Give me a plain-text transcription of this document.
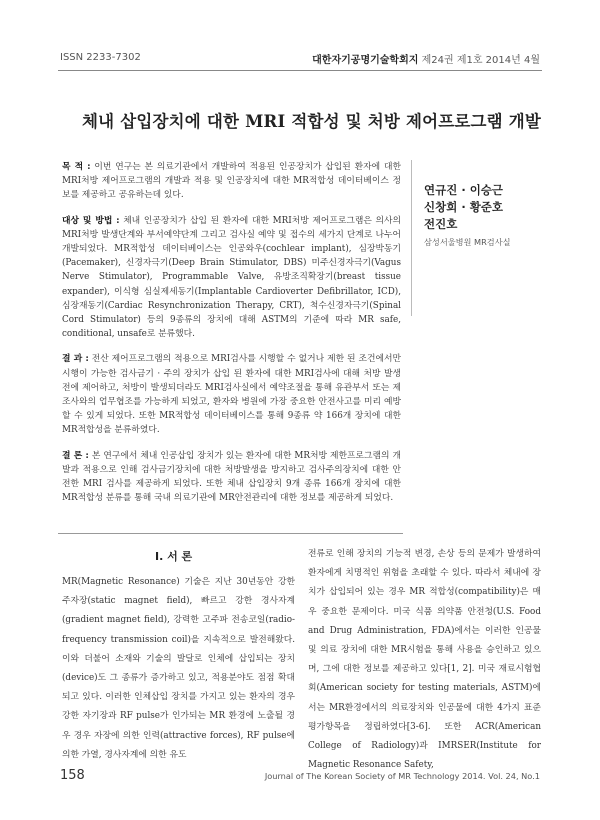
ISSN 2233-7302	대한자기공명기술학회지 제24권 제1호 2014년 4월
체내 삽입장치에 대한 MRI 적합성 및 처방 제어프로그램 개발

목 적 : 이번 연구는 본 의료기관에서 개발하여 적용된 인공장치가 삽입된 환자에 대한 MRI처방 제어프로그램의 개발과 적용 및 인공장치에 대한 MR적합성 데이터베이스 정보를 제공하고 공유하는데 있다.

대상 및 방법 : 체내 인공장치가 삽입 된 환자에 대한 MRI처방 제어프로그램은 의사의 MRI처방 발생단계와 부서예약단계 그리고 검사실 예약 및 접수의 세가지 단계로 나누어 개발되었다. MR적합성 데이터베이스는 인공와우(cochlear implant), 심장박동기(Pacemaker), 신경자극기(Deep Brain Stimulator, DBS) 미주신경자극기(Vagus Nerve Stimulator), Programmable Valve, 유방조직확장기(breast tissue expander), 이식형 심실제세동기(Implantable Cardioverter Defibrillator, ICD), 심장재동기(Cardiac Resynchronization Therapy, CRT), 척수신경자극기(Spinal Cord Stimulator) 등의 9종류의 장치에 대해 ASTM의 기준에 따라 MR safe, conditional, unsafe로 분류했다.

결 과 : 전산 제어프로그램의 적용으로 MRI검사를 시행할 수 없거나 제한 된 조건에서만 시행이 가능한 검사금기 · 주의 장치가 삽입 된 환자에 대한 MRI검사에 대해 처방 발생 전에 제어하고, 처방이 발생되더라도 MRI검사실에서 예약조절을 통해 유관부서 또는 제조사와의 업무협조를 가능하게 되었고, 환자와 병원에 가장 중요한 안전사고를 미리 예방할 수 있게 되었다. 또한 MR적합성 데이터베이스를 통해 9종류 약 166개 장치에 대한 MR적합성을 분류하였다.

결 론 : 본 연구에서 체내 인공삽입 장치가 있는 환자에 대한 MR처방 제한프로그램의 개발과 적용으로 인해 검사금기장치에 대한 처방발생을 방지하고 검사주의장치에 대한 안전한 MRI 검사를 제공하게 되었다. 또한 체내 삽입장치 9개 종류 166개 장치에 대한 MR적합성 분류를 통해 국내 의료기관에 MR안전관리에 대한 정보를 제공하게 되었다.

연규진 · 이승근
신창희 · 황준호
전진호
삼성서울병원 MR검사실
Ⅰ. 서 론
MR(Magnetic Resonance) 기술은 지난 30년동안 강한 주자장(static magnet field), 빠르고 강한 경사자계(gradient magnet field), 강력한 고주파 전송코일(radio-frequency transmission coil)을 지속적으로 발전해왔다. 이와 더불어 소재와 기술의 발달로 인체에 삽입되는 장치(device)도 그 종류가 증가하고 있고, 적용분야도 점점 확대되고 있다. 이러한 인체삽입 장치를 가지고 있는 환자의 경우 강한 자기장과 RF pulse가 인가되는 MR 환경에 노출될 경우 경우 자장에 의한 인력(attractive forces), RF pulse에 의한 가열, 경사자계에 의한 유도
전류로 인해 장치의 기능적 변경, 손상 등의 문제가 발생하여 환자에게 치명적인 위험을 초래할 수 있다. 따라서 체내에 장치가 삽입되어 있는 경우 MR 적합성(compatibility)은 매우 중요한 문제이다. 미국 식품 의약품 안전청(U.S. Food and Drug Administration, FDA)에서는 이러한 인공물 및 의료 장치에 대한 MR시험을 통해 사용을 승인하고 있으며, 그에 대한 정보를 제공하고 있다[1, 2]. 미국 재료시험협회(American society for testing materials, ASTM)에서는 MR환경에서의 의료장치와 인공물에 대한 4가지 표준평가항목을 정립하였다[3-6]. 또한 ACR(American College of Radiology)과 IMRSER(Institute for Magnetic Resonance Safety,
158	Journal of The Korean Society of MR Technology 2014. Vol. 24, No.1
